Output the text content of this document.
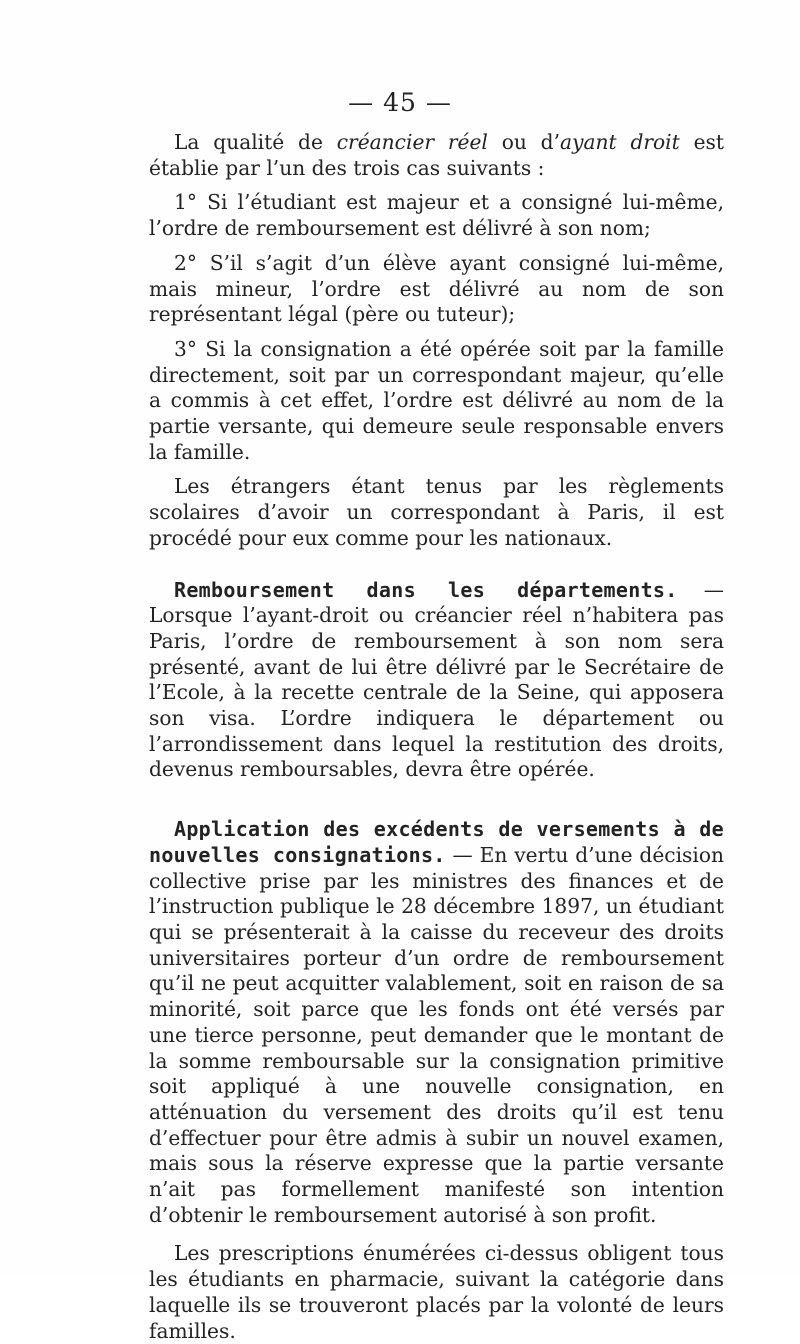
— 45 —

La qualité de créancier réel ou d’ayant droit est établie par l’un des trois cas suivants :

1° Si l’étudiant est majeur et a consigné lui-même, l’ordre de remboursement est délivré à son nom;

2° S’il s’agit d’un élève ayant consigné lui-même, mais mineur, l’ordre est délivré au nom de son représentant légal (père ou tuteur);

3° Si la consignation a été opérée soit par la famille directement, soit par un correspondant majeur, qu’elle a commis à cet effet, l’ordre est délivré au nom de la partie versante, qui demeure seule responsable envers la famille.

Les étrangers étant tenus par les règlements scolaires d’avoir un correspondant à Paris, il est procédé pour eux comme pour les nationaux.

Remboursement dans les départements. — Lorsque l’ayant-droit ou créancier réel n’habitera pas Paris, l’ordre de remboursement à son nom sera présenté, avant de lui être délivré par le Secrétaire de l’Ecole, à la recette centrale de la Seine, qui apposera son visa. L’ordre indiquera le département ou l’arrondissement dans lequel la restitution des droits, devenus remboursables, devra être opérée.

Application des excédents de versements à de nouvelles consignations. — En vertu d’une décision collective prise par les ministres des finances et de l’instruction publique le 28 décembre 1897, un étudiant qui se présenterait à la caisse du receveur des droits universitaires porteur d’un ordre de remboursement qu’il ne peut acquitter valablement, soit en raison de sa minorité, soit parce que les fonds ont été versés par une tierce personne, peut demander que le montant de la somme remboursable sur la consignation primitive soit appliqué à une nouvelle consignation, en atténuation du versement des droits qu’il est tenu d’effectuer pour être admis à subir un nouvel examen, mais sous la réserve expresse que la partie versante n’ait pas formellement manifesté son intention d’obtenir le remboursement autorisé à son profit.

Les prescriptions énumérées ci-dessus obligent tous les étudiants en pharmacie, suivant la catégorie dans laquelle ils se trouveront placés par la volonté de leurs familles.
